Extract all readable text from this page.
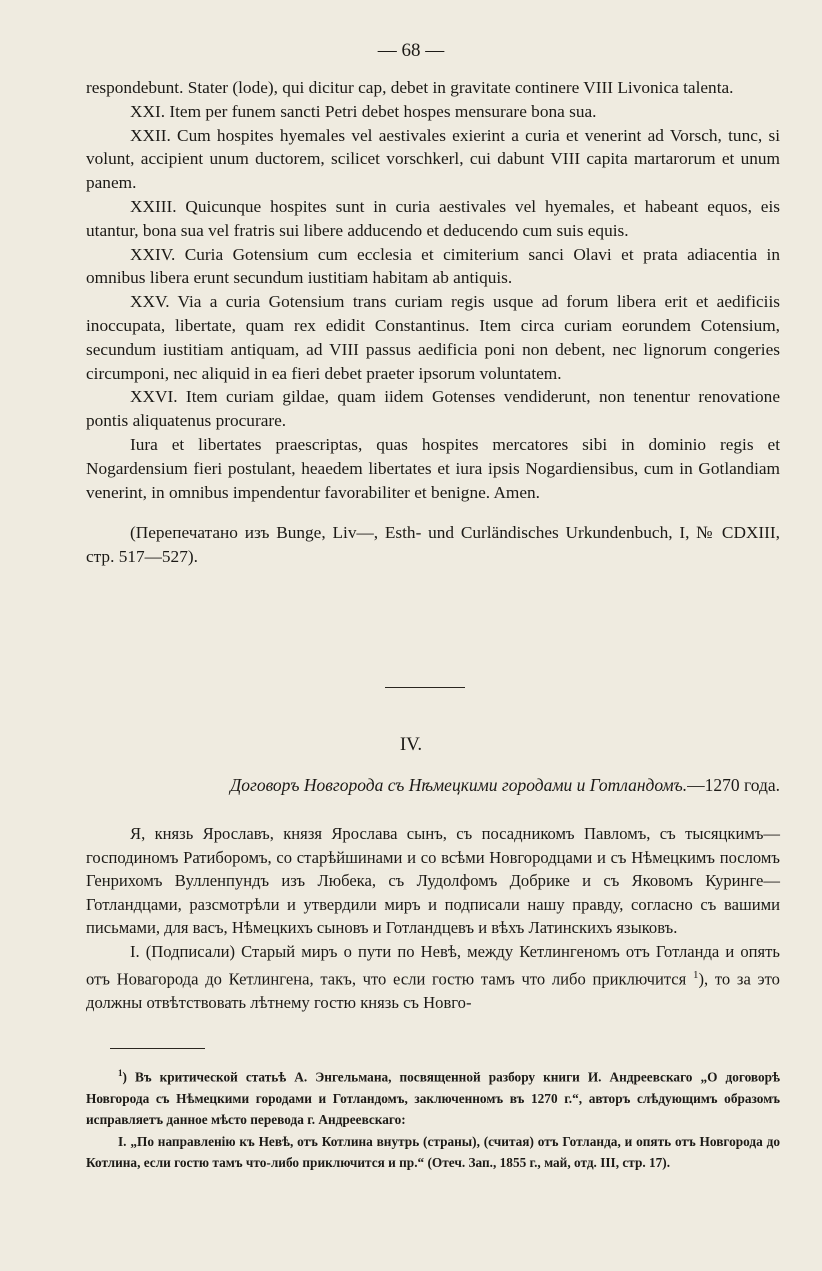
— 68 —

respondebunt. Stater (lode), qui dicitur cap, debet in gravitate continere VIII Livonica talenta.

XXI. Item per funem sancti Petri debet hospes mensurare bona sua.

XXII. Cum hospites hyemales vel aestivales exierint a curia et venerint ad Vorsch, tunc, si volunt, accipient unum ductorem, scilicet vorschkerl, cui dabunt VIII capita martarorum et unum panem.

XXIII. Quicunque hospites sunt in curia aestivales vel hyemales, et habeant equos, eis utantur, bona sua vel fratris sui libere adducendo et deducendo cum suis equis.

XXIV. Curia Gotensium cum ecclesia et cimiterium sanci Olavi et prata adiacentia in omnibus libera erunt secundum iustitiam habitam ab antiquis.

XXV. Via a curia Gotensium trans curiam regis usque ad forum libera erit et aedificiis inoccupata, libertate, quam rex edidit Constantinus. Item circa curiam eorundem Cotensium, secundum iustitiam antiquam, ad VIII passus aedificia poni non debent, nec lignorum congeries circumponi, nec aliquid in ea fieri debet praeter ipsorum voluntatem.

XXVI. Item curiam gildae, quam iidem Gotenses vendiderunt, non tenentur renovatione pontis aliquatenus procurare.

Iura et libertates praescriptas, quas hospites mercatores sibi in dominio regis et Nogardensium fieri postulant, heaedem libertates et iura ipsis Nogardiensibus, cum in Gotlandiam venerint, in omnibus impendentur favorabiliter et benigne. Amen.

(Перепечатано изъ Bunge, Liv—, Esth- und Curländisches Urkundenbuch, I, № CDXIII, стр. 517—527).

IV.
Договоръ Новгорода съ Нѣмецкими городами и Готландомъ.—1270 года.

Я, князь Ярославъ, князя Ярослава сынъ, съ посадникомъ Павломъ, съ тысяцкимъ—господиномъ Ратиборомъ, со старѣйшинами и со всѣми Новгородцами и съ Нѣмецкимъ посломъ Генрихомъ Вулленпундъ изъ Любека, съ Лудолфомъ Добрике и съ Яковомъ Куринге—Готландцами, разсмотрѣли и утвердили миръ и подписали нашу правду, согласно съ вашими письмами, для васъ, Нѣмецкихъ сыновъ и Готландцевъ и вѣхъ Латинскихъ языковъ.

I. (Подписали) Старый миръ о пути по Невѣ, между Кетлингеномъ отъ Готланда и опять отъ Новагорода до Кетлингена, такъ, что если гостю тамъ что либо приключится $^1$), то за это должны отвѣтствовать лѣтнему гостю князь съ Новго-

$^1$) Въ критической статьѣ А. Энгельмана, посвященной разбору книги И. Андреевскаго „О договорѣ Новгорода съ Нѣмецкими городами и Готландомъ, заключенномъ въ 1270 г.“, авторъ слѣдующимъ образомъ исправляетъ данное мѣсто перевода г. Андреевскаго:

I. „По направленію къ Невѣ, отъ Котлина внутрь (страны), (считая) отъ Готланда, и опять отъ Новгорода до Котлина, если гостю тамъ что-либо приключится и пр.“ (Отеч. Зап., 1855 г., май, отд. III, стр. 17).
